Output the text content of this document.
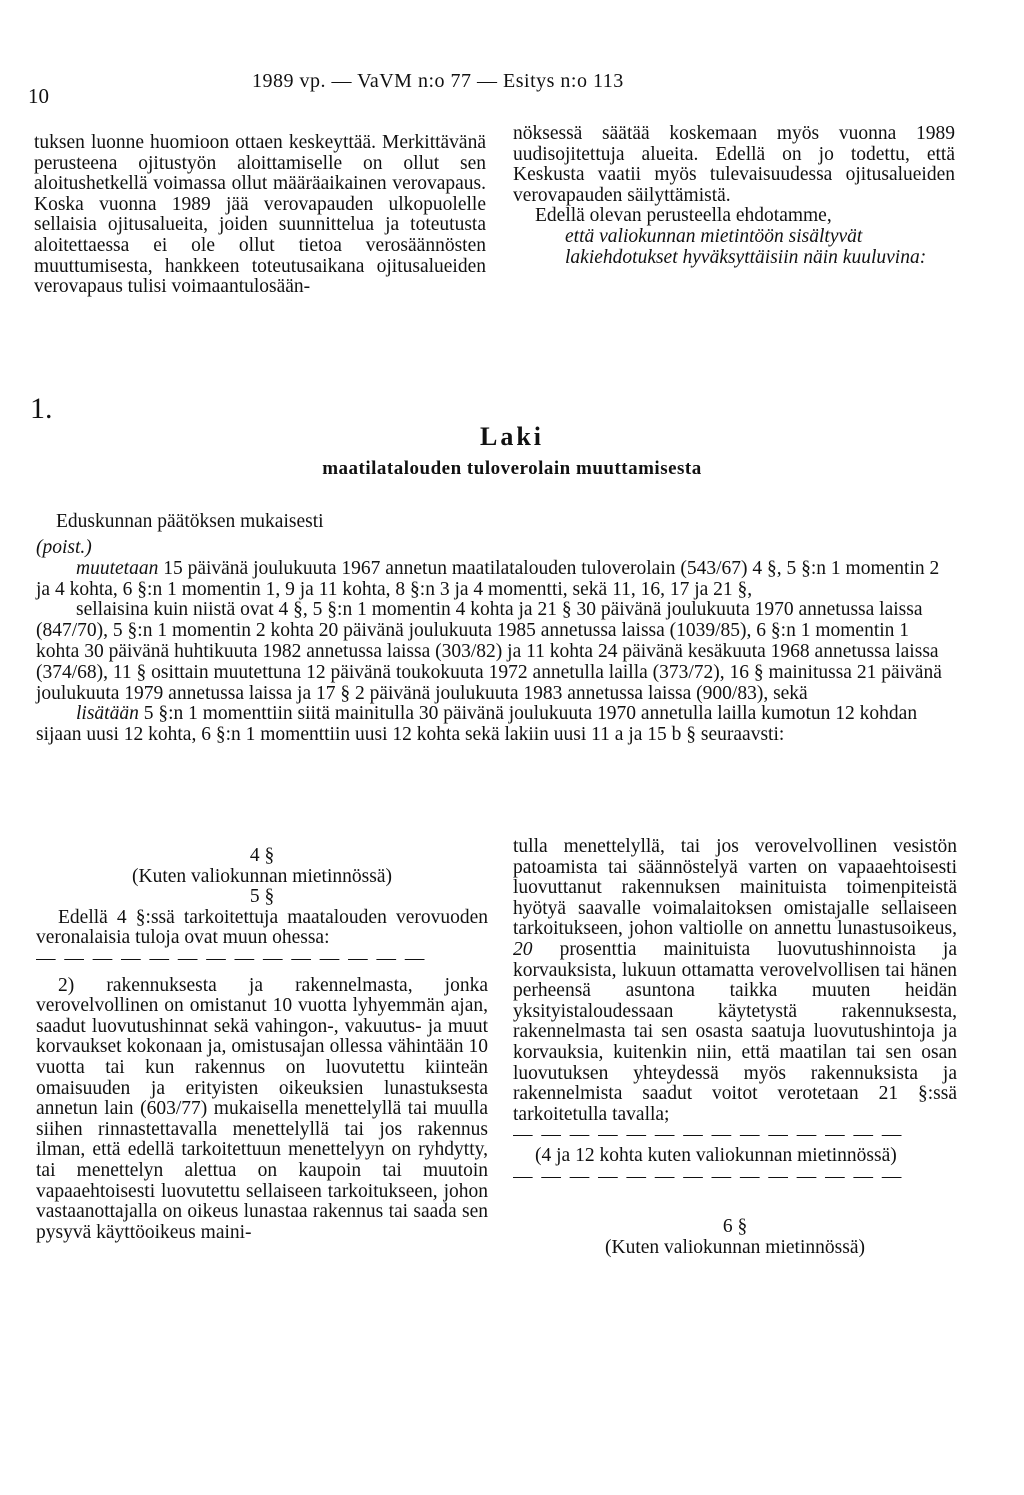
10
1989 vp. — VaVM n:o 77 — Esitys n:o 113

tuksen luonne huomioon ottaen keskeyttää. Merkittävänä perusteena ojitustyön aloittamiselle on ollut sen aloitushetkellä voimassa ollut määräaikainen verovapaus. Koska vuonna 1989 jää verovapauden ulkopuolelle sellaisia ojitusalueita, joiden suunnittelua ja toteutusta aloitettaessa ei ole ollut tietoa verosäännösten muuttumisesta, hankkeen toteutusaikana ojitusalueiden verovapaus tulisi voimaantulosään-

nöksessä säätää koskemaan myös vuonna 1989 uudisojitettuja alueita. Edellä on jo todettu, että Keskusta vaatii myös tulevaisuudessa ojitusalueiden verovapauden säilyttämistä.

Edellä olevan perusteella ehdotamme,

että valiokunnan mietintöön sisältyvät lakiehdotukset hyväksyttäisiin näin kuuluvina:

1.
Laki
maatilatalouden tuloverolain muuttamisesta
Eduskunnan päätöksen mukaisesti

(poist.)

muutetaan 15 päivänä joulukuuta 1967 annetun maatilatalouden tuloverolain (543/67) 4 §, 5 §:n 1 momentin 2 ja 4 kohta, 6 §:n 1 momentin 1, 9 ja 11 kohta, 8 §:n 3 ja 4 momentti, sekä 11, 16, 17 ja 21 §,

sellaisina kuin niistä ovat 4 §, 5 §:n 1 momentin 4 kohta ja 21 § 30 päivänä joulukuuta 1970 annetussa laissa (847/70), 5 §:n 1 momentin 2 kohta 20 päivänä joulukuuta 1985 annetussa laissa (1039/85), 6 §:n 1 momentin 1 kohta 30 päivänä huhtikuuta 1982 annetussa laissa (303/82) ja 11 kohta 24 päivänä kesäkuuta 1968 annetussa laissa (374/68), 11 § osittain muutettuna 12 päivänä toukokuuta 1972 annetulla lailla (373/72), 16 § mainitussa 21 päivänä joulukuuta 1979 annetussa laissa ja 17 § 2 päivänä joulukuuta 1983 annetussa laissa (900/83), sekä

lisätään 5 §:n 1 momenttiin siitä mainitulla 30 päivänä joulukuuta 1970 annetulla lailla kumotun 12 kohdan sijaan uusi 12 kohta, 6 §:n 1 momenttiin uusi 12 kohta sekä lakiin uusi 11 a ja 15 b § seuraavsti:

4 §

(Kuten valiokunnan mietinnössä)

5 §

Edellä 4 §:ssä tarkoitettuja maatalouden verovuoden veronalaisia tuloja ovat muun ohessa:

— — — — — — — — — — — — — —

2) rakennuksesta ja rakennelmasta, jonka verovelvollinen on omistanut 10 vuotta lyhyemmän ajan, saadut luovutushinnat sekä vahingon-, vakuutus- ja muut korvaukset kokonaan ja, omistusajan ollessa vähintään 10 vuotta tai kun rakennus on luovutettu kiinteän omaisuuden ja erityisten oikeuksien lunastuksesta annetun lain (603/77) mukaisella menettelyllä tai muulla siihen rinnastettavalla menettelyllä tai jos rakennus ilman, että edellä tarkoitettuun menettelyyn on ryhdytty, tai menettelyn alettua on kaupoin tai muutoin vapaaehtoisesti luovutettu sellaiseen tarkoitukseen, johon vastaanottajalla on oikeus lunastaa rakennus tai saada sen pysyvä käyttöoikeus maini-

tulla menettelyllä, tai jos verovelvollinen vesistön patoamista tai säännöstelyä varten on vapaaehtoisesti luovuttanut rakennuksen mainituista toimenpiteistä hyötyä saavalle voimalaitoksen omistajalle sellaiseen tarkoitukseen, johon valtiolle on annettu lunastusoikeus, 20 prosenttia mainituista luovutushinnoista ja korvauksista, lukuun ottamatta verovelvollisen tai hänen perheensä asuntona taikka muuten heidän yksityistaloudessaan käytetystä rakennuksesta, rakennelmasta tai sen osasta saatuja luovutushintoja ja korvauksia, kuitenkin niin, että maatilan tai sen osan luovutuksen yhteydessä myös rakennuksista ja rakennelmista saadut voitot verotetaan 21 §:ssä tarkoitetulla tavalla;

— — — — — — — — — — — — — —

(4 ja 12 kohta kuten valiokunnan mietinnössä)

— — — — — — — — — — — — — —

6 §

(Kuten valiokunnan mietinnössä)
